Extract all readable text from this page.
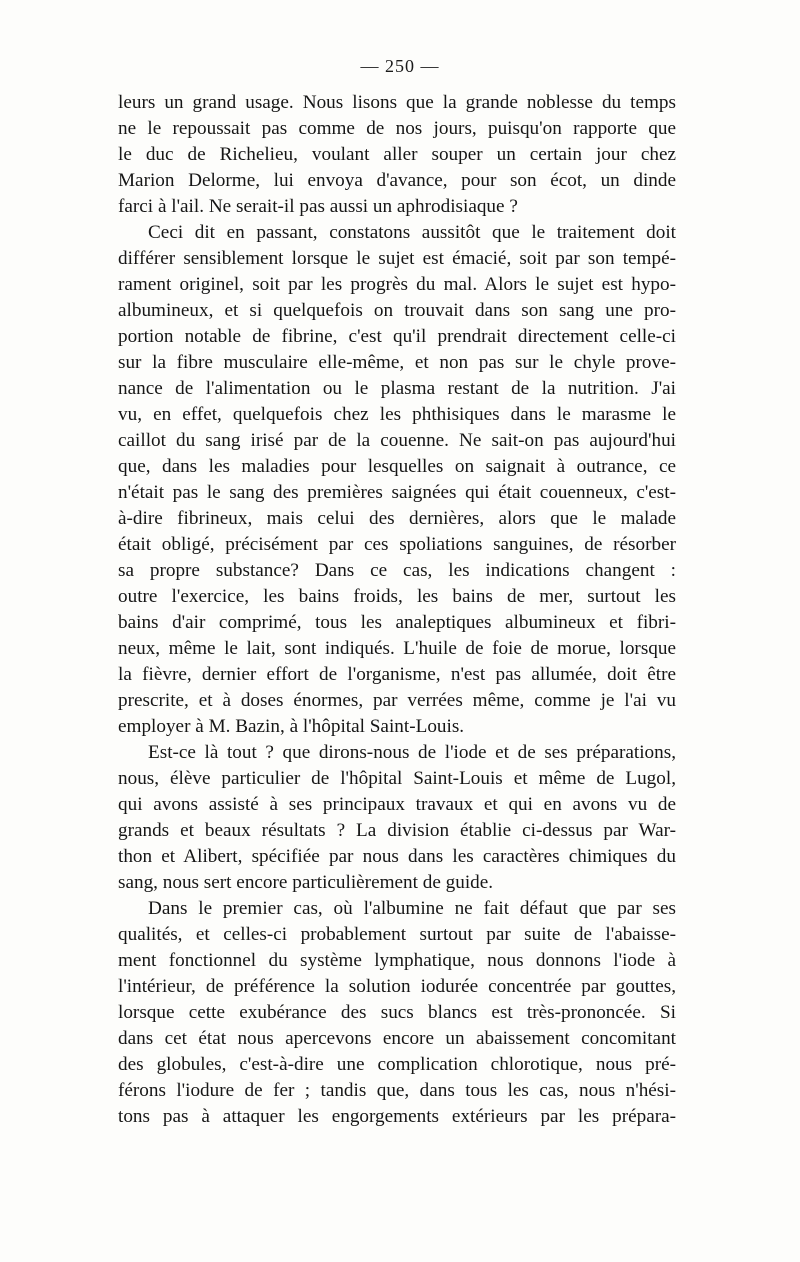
— 250 —
leurs un grand usage. Nous lisons que la grande noblesse du temps
ne le repoussait pas comme de nos jours, puisqu'on rapporte que
le duc de Richelieu, voulant aller souper un certain jour chez
Marion Delorme, lui envoya d'avance, pour son écot, un dinde
farci à l'ail. Ne serait-il pas aussi un aphrodisiaque ?
Ceci dit en passant, constatons aussitôt que le traitement doit
différer sensiblement lorsque le sujet est émacié, soit par son tempé-
rament originel, soit par les progrès du mal. Alors le sujet est hypo-
albumineux, et si quelquefois on trouvait dans son sang une pro-
portion notable de fibrine, c'est qu'il prendrait directement celle-ci
sur la fibre musculaire elle-même, et non pas sur le chyle prove-
nance de l'alimentation ou le plasma restant de la nutrition. J'ai
vu, en effet, quelquefois chez les phthisiques dans le marasme le
caillot du sang irisé par de la couenne. Ne sait-on pas aujourd'hui
que, dans les maladies pour lesquelles on saignait à outrance, ce
n'était pas le sang des premières saignées qui était couenneux, c'est-
à-dire fibrineux, mais celui des dernières, alors que le malade
était obligé, précisément par ces spoliations sanguines, de résorber
sa propre substance? Dans ce cas, les indications changent :
outre l'exercice, les bains froids, les bains de mer, surtout les
bains d'air comprimé, tous les analeptiques albumineux et fibri-
neux, même le lait, sont indiqués. L'huile de foie de morue, lorsque
la fièvre, dernier effort de l'organisme, n'est pas allumée, doit être
prescrite, et à doses énormes, par verrées même, comme je l'ai vu
employer à M. Bazin, à l'hôpital Saint-Louis.
Est-ce là tout ? que dirons-nous de l'iode et de ses préparations,
nous, élève particulier de l'hôpital Saint-Louis et même de Lugol,
qui avons assisté à ses principaux travaux et qui en avons vu de
grands et beaux résultats ? La division établie ci-dessus par War-
thon et Alibert, spécifiée par nous dans les caractères chimiques du
sang, nous sert encore particulièrement de guide.
Dans le premier cas, où l'albumine ne fait défaut que par ses
qualités, et celles-ci probablement surtout par suite de l'abaisse-
ment fonctionnel du système lymphatique, nous donnons l'iode à
l'intérieur, de préférence la solution iodurée concentrée par gouttes,
lorsque cette exubérance des sucs blancs est très-prononcée. Si
dans cet état nous apercevons encore un abaissement concomitant
des globules, c'est-à-dire une complication chlorotique, nous pré-
férons l'iodure de fer ; tandis que, dans tous les cas, nous n'hési-
tons pas à attaquer les engorgements extérieurs par les prépara-
